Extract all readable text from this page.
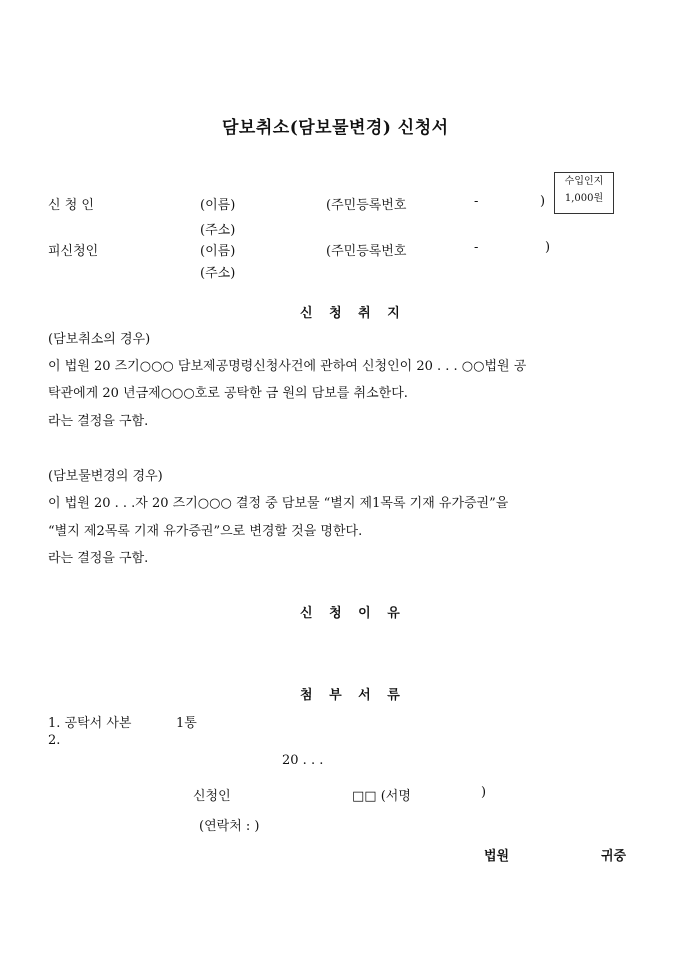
담보취소(담보물변경) 신청서
수입인지
1,000원
신 청 인	(이름)	(주민등록번호	-	)
(주소)
피신청인	(이름)	(주민등록번호	-	)
(주소)
신 청 취 지
(담보취소의 경우)
이 법원 20 즈기○○○ 담보제공명령신청사건에 관하여 신청인이 20 . . . ○○법원 공
탁관에게 20 년금제○○○호로 공탁한 금 원의 담보를 취소한다.
라는 결정을 구함.
(담보물변경의 경우)
이 법원 20 . . .자 20 즈기○○○ 결정 중 담보물 “별지 제1목록 기재 유가증권”을
“별지 제2목록 기재 유가증권”으로 변경할 것을 명한다.
라는 결정을 구함.
신 청 이 유
첨 부 서 류
1. 공탁서 사본	1통
2.
20 . . .
신청인	□□ (서명	)
(연락처 : )
법원	귀중
